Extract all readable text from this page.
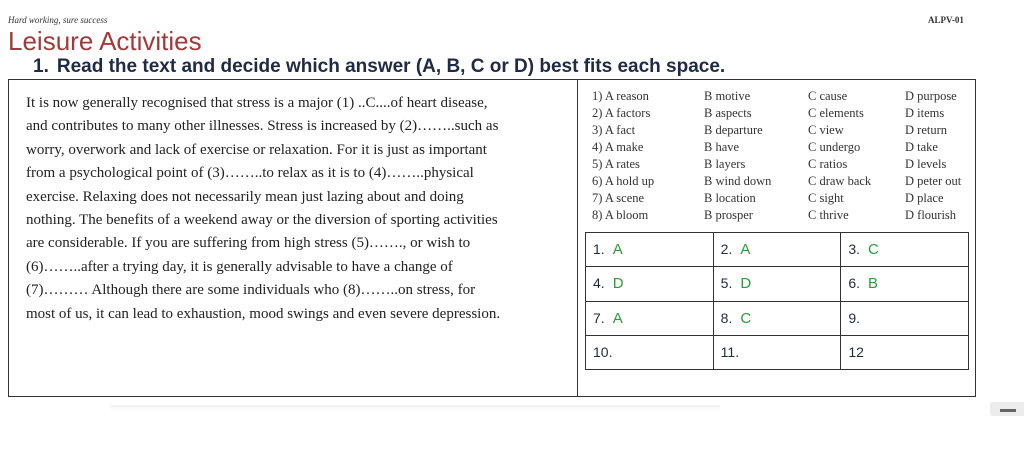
Hard working, sure success	ALPV-01
Leisure Activities
1. Read the text and decide which answer (A, B, C or D) best fits each space.
It is now generally recognised that stress is a major (1) ..C....of heart disease,
and contributes to many other illnesses. Stress is increased by (2)……..such as
worry, overwork and lack of exercise or relaxation. For it is just as important
from a psychological point of (3)……..to relax as it is to (4)……..physical
exercise. Relaxing does not necessarily mean just lazing about and doing
nothing. The benefits of a weekend away or the diversion of sporting activities
are considerable. If you are suffering from high stress (5)……., or wish to
(6)……..after a trying day, it is generally advisable to have a change of
(7)……… Although there are some individuals who (8)……..on stress, for
most of us, it can lead to exhaustion, mood swings and even severe depression.
1) A reason	B motive	C cause	D purpose
2) A factors	B aspects	C elements	D items
3) A fact	B departure	C view	D return
4) A make	B have	C undergo	D take
5) A rates	B layers	C ratios	D levels
6) A hold up	B wind down	C draw back	D peter out
7) A scene	B location	C sight	D place
8) A bloom	B prosper	C thrive	D flourish
1. A	2. A	3. C
4. D	5. D	6. B
7. A	8. C	9.
10.	11.	12
